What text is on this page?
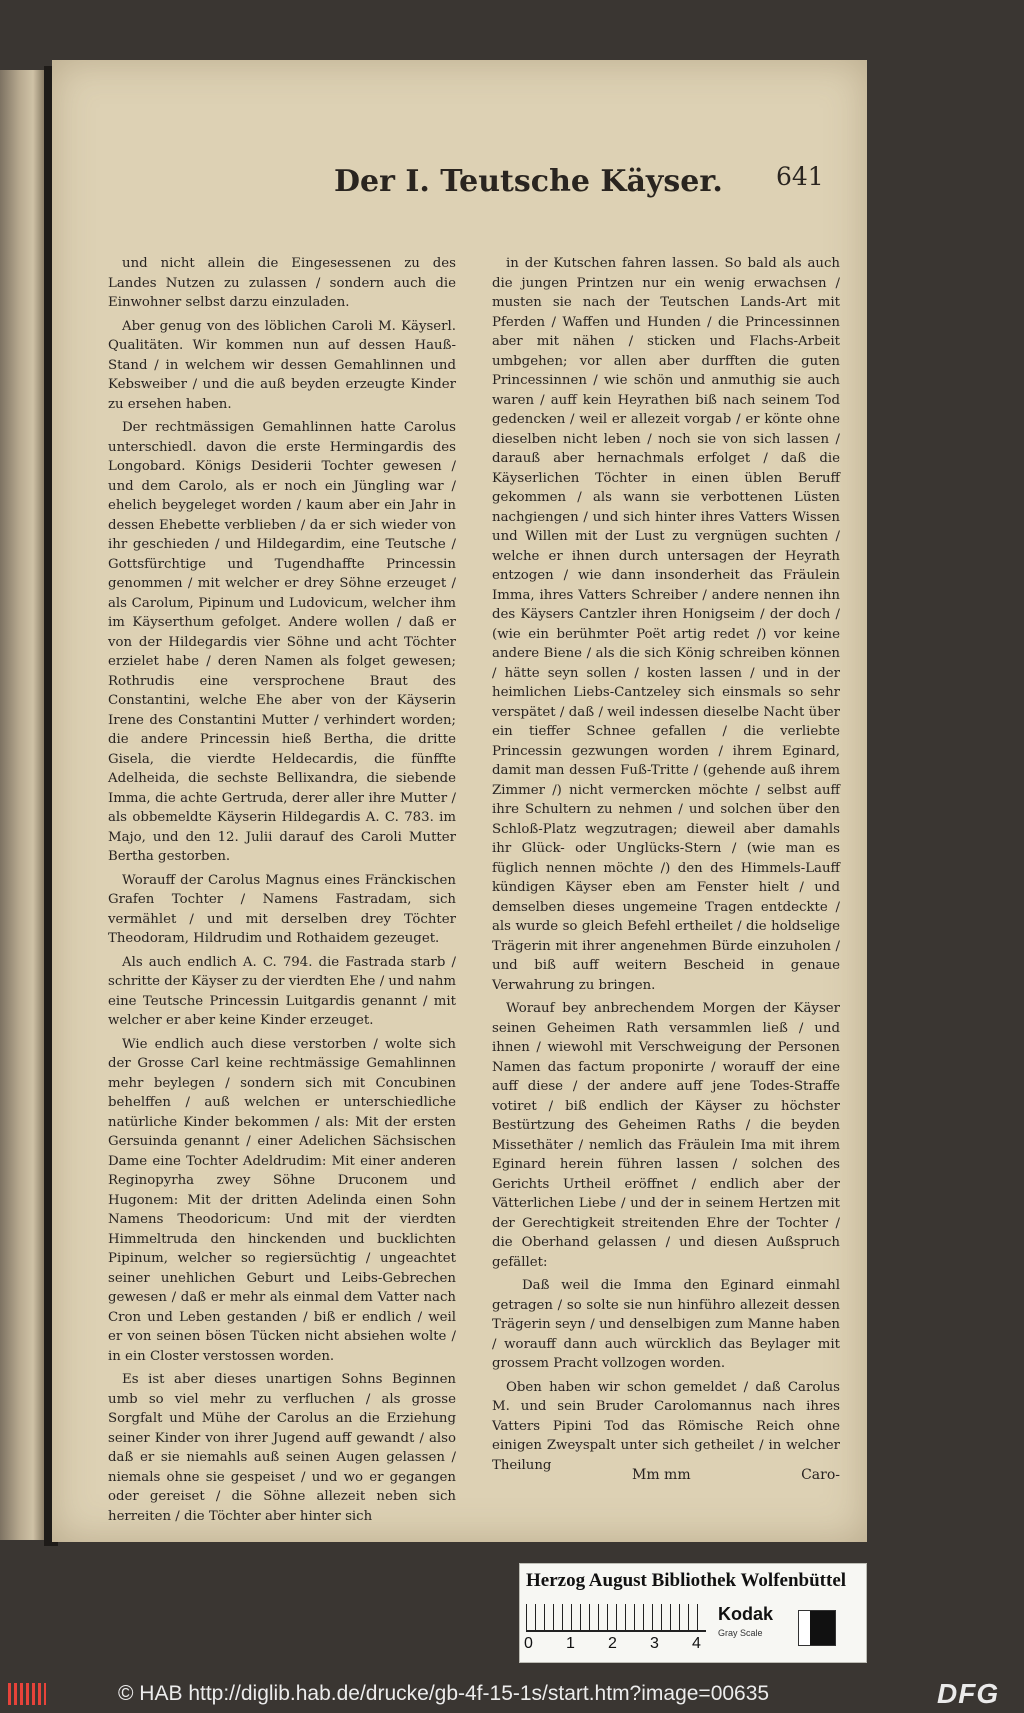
Der I. Teutsche Käyser. 641

und nicht allein die Eingesessenen zu des Landes Nutzen zu zulassen / sondern auch die Einwohner selbst darzu einzuladen.

Aber genug von des löblichen Caroli M. Käyserl. Qualitäten. Wir kommen nun auf dessen Hauß-Stand / in welchem wir dessen Gemahlinnen und Kebsweiber / und die auß beyden erzeugte Kinder zu ersehen haben.

Der rechtmässigen Gemahlinnen hatte Carolus unterschiedl. davon die erste Hermingardis des Longobard. Königs Desiderii Tochter gewesen / und dem Carolo, als er noch ein Jüngling war / ehelich beygeleget worden / kaum aber ein Jahr in dessen Ehebette verblieben / da er sich wieder von ihr geschieden / und Hildegardim, eine Teutsche / Gottsfürchtige und Tugendhaffte Princessin genommen / mit welcher er drey Söhne erzeuget / als Carolum, Pipinum und Ludovicum, welcher ihm im Käyserthum gefolget. Andere wollen / daß er von der Hildegardis vier Söhne und acht Töchter erzielet habe / deren Namen als folget gewesen; Rothrudis eine versprochene Braut des Constantini, welche Ehe aber von der Käyserin Irene des Constantini Mutter / verhindert worden; die andere Princessin hieß Bertha, die dritte Gisela, die vierdte Heldecardis, die fünffte Adelheida, die sechste Bellixandra, die siebende Imma, die achte Gertruda, derer aller ihre Mutter / als obbemeldte Käyserin Hildegardis A. C. 783. im Majo, und den 12. Julii darauf des Caroli Mutter Bertha gestorben.

Worauff der Carolus Magnus eines Fränckischen Grafen Tochter / Namens Fastradam, sich vermählet / und mit derselben drey Töchter Theodoram, Hildrudim und Rothaidem gezeuget.

Als auch endlich A. C. 794. die Fastrada starb / schritte der Käyser zu der vierdten Ehe / und nahm eine Teutsche Princessin Luitgardis genannt / mit welcher er aber keine Kinder erzeuget.

Wie endlich auch diese verstorben / wolte sich der Grosse Carl keine rechtmässige Gemahlinnen mehr beylegen / sondern sich mit Concubinen behelffen / auß welchen er unterschiedliche natürliche Kinder bekommen / als: Mit der ersten Gersuinda genannt / einer Adelichen Sächsischen Dame eine Tochter Adeldrudim: Mit einer anderen Reginopyrha zwey Söhne Druconem und Hugonem: Mit der dritten Adelinda einen Sohn Namens Theodoricum: Und mit der vierdten Himmeltruda den hinckenden und bucklichten Pipinum, welcher so regiersüchtig / ungeachtet seiner unehlichen Geburt und Leibs-Gebrechen gewesen / daß er mehr als einmal dem Vatter nach Cron und Leben gestanden / biß er endlich / weil er von seinen bösen Tücken nicht absiehen wolte / in ein Closter verstossen worden.

Es ist aber dieses unartigen Sohns Beginnen umb so viel mehr zu verfluchen / als grosse Sorgfalt und Mühe der Carolus an die Erziehung seiner Kinder von ihrer Jugend auff gewandt / also daß er sie niemahls auß seinen Augen gelassen / niemals ohne sie gespeiset / und wo er gegangen oder gereiset / die Söhne allezeit neben sich herreiten / die Töchter aber hinter sich

in der Kutschen fahren lassen. So bald als auch die jungen Printzen nur ein wenig erwachsen / musten sie nach der Teutschen Lands-Art mit Pferden / Waffen und Hunden / die Princessinnen aber mit nähen / sticken und Flachs-Arbeit umbgehen; vor allen aber durfften die guten Princessinnen / wie schön und anmuthig sie auch waren / auff kein Heyrathen biß nach seinem Tod gedencken / weil er allezeit vorgab / er könte ohne dieselben nicht leben / noch sie von sich lassen / darauß aber hernachmals erfolget / daß die Käyserlichen Töchter in einen üblen Beruff gekommen / als wann sie verbottenen Lüsten nachgiengen / und sich hinter ihres Vatters Wissen und Willen mit der Lust zu vergnügen suchten / welche er ihnen durch untersagen der Heyrath entzogen / wie dann insonderheit das Fräulein Imma, ihres Vatters Schreiber / andere nennen ihn des Käysers Cantzler ihren Honigseim / der doch / (wie ein berühmter Poët artig redet /) vor keine andere Biene / als die sich König schreiben können / hätte seyn sollen / kosten lassen / und in der heimlichen Liebs-Cantzeley sich einsmals so sehr verspätet / daß / weil indessen dieselbe Nacht über ein tieffer Schnee gefallen / die verliebte Princessin gezwungen worden / ihrem Eginard, damit man dessen Fuß-Tritte / (gehende auß ihrem Zimmer /) nicht vermercken möchte / selbst auff ihre Schultern zu nehmen / und solchen über den Schloß-Platz wegzutragen; dieweil aber damahls ihr Glück- oder Unglücks-Stern / (wie man es füglich nennen möchte /) den des Himmels-Lauff kündigen Käyser eben am Fenster hielt / und demselben dieses ungemeine Tragen entdeckte / als wurde so gleich Befehl ertheilet / die holdselige Trägerin mit ihrer angenehmen Bürde einzuholen / und biß auff weitern Bescheid in genaue Verwahrung zu bringen.

Worauf bey anbrechendem Morgen der Käyser seinen Geheimen Rath versammlen ließ / und ihnen / wiewohl mit Verschweigung der Personen Namen das factum proponirte / worauff der eine auff diese / der andere auff jene Todes-Straffe votiret / biß endlich der Käyser zu höchster Bestürtzung des Geheimen Raths / die beyden Missethäter / nemlich das Fräulein Ima mit ihrem Eginard herein führen lassen / solchen des Gerichts Urtheil eröffnet / endlich aber der Vätterlichen Liebe / und der in seinem Hertzen mit der Gerechtigkeit streitenden Ehre der Tochter / die Oberhand gelassen / und diesen Außspruch gefället:

Daß weil die Imma den Eginard einmahl getragen / so solte sie nun hinführo allezeit dessen Trägerin seyn / und denselbigen zum Manne haben / worauff dann auch würcklich das Beylager mit grossem Pracht vollzogen worden.

Oben haben wir schon gemeldet / daß Carolus M. und sein Bruder Carolomannus nach ihres Vatters Pipini Tod das Römische Reich ohne einigen Zweyspalt unter sich getheilet / in welcher Theilung

Mm mm	Caro-
Herzog August Bibliothek Wolfenbüttel
0 1 2 3 4
Kodak
Gray Scale
© HAB http://diglib.hab.de/drucke/gb-4f-15-1s/start.htm?image=00635	DFG
